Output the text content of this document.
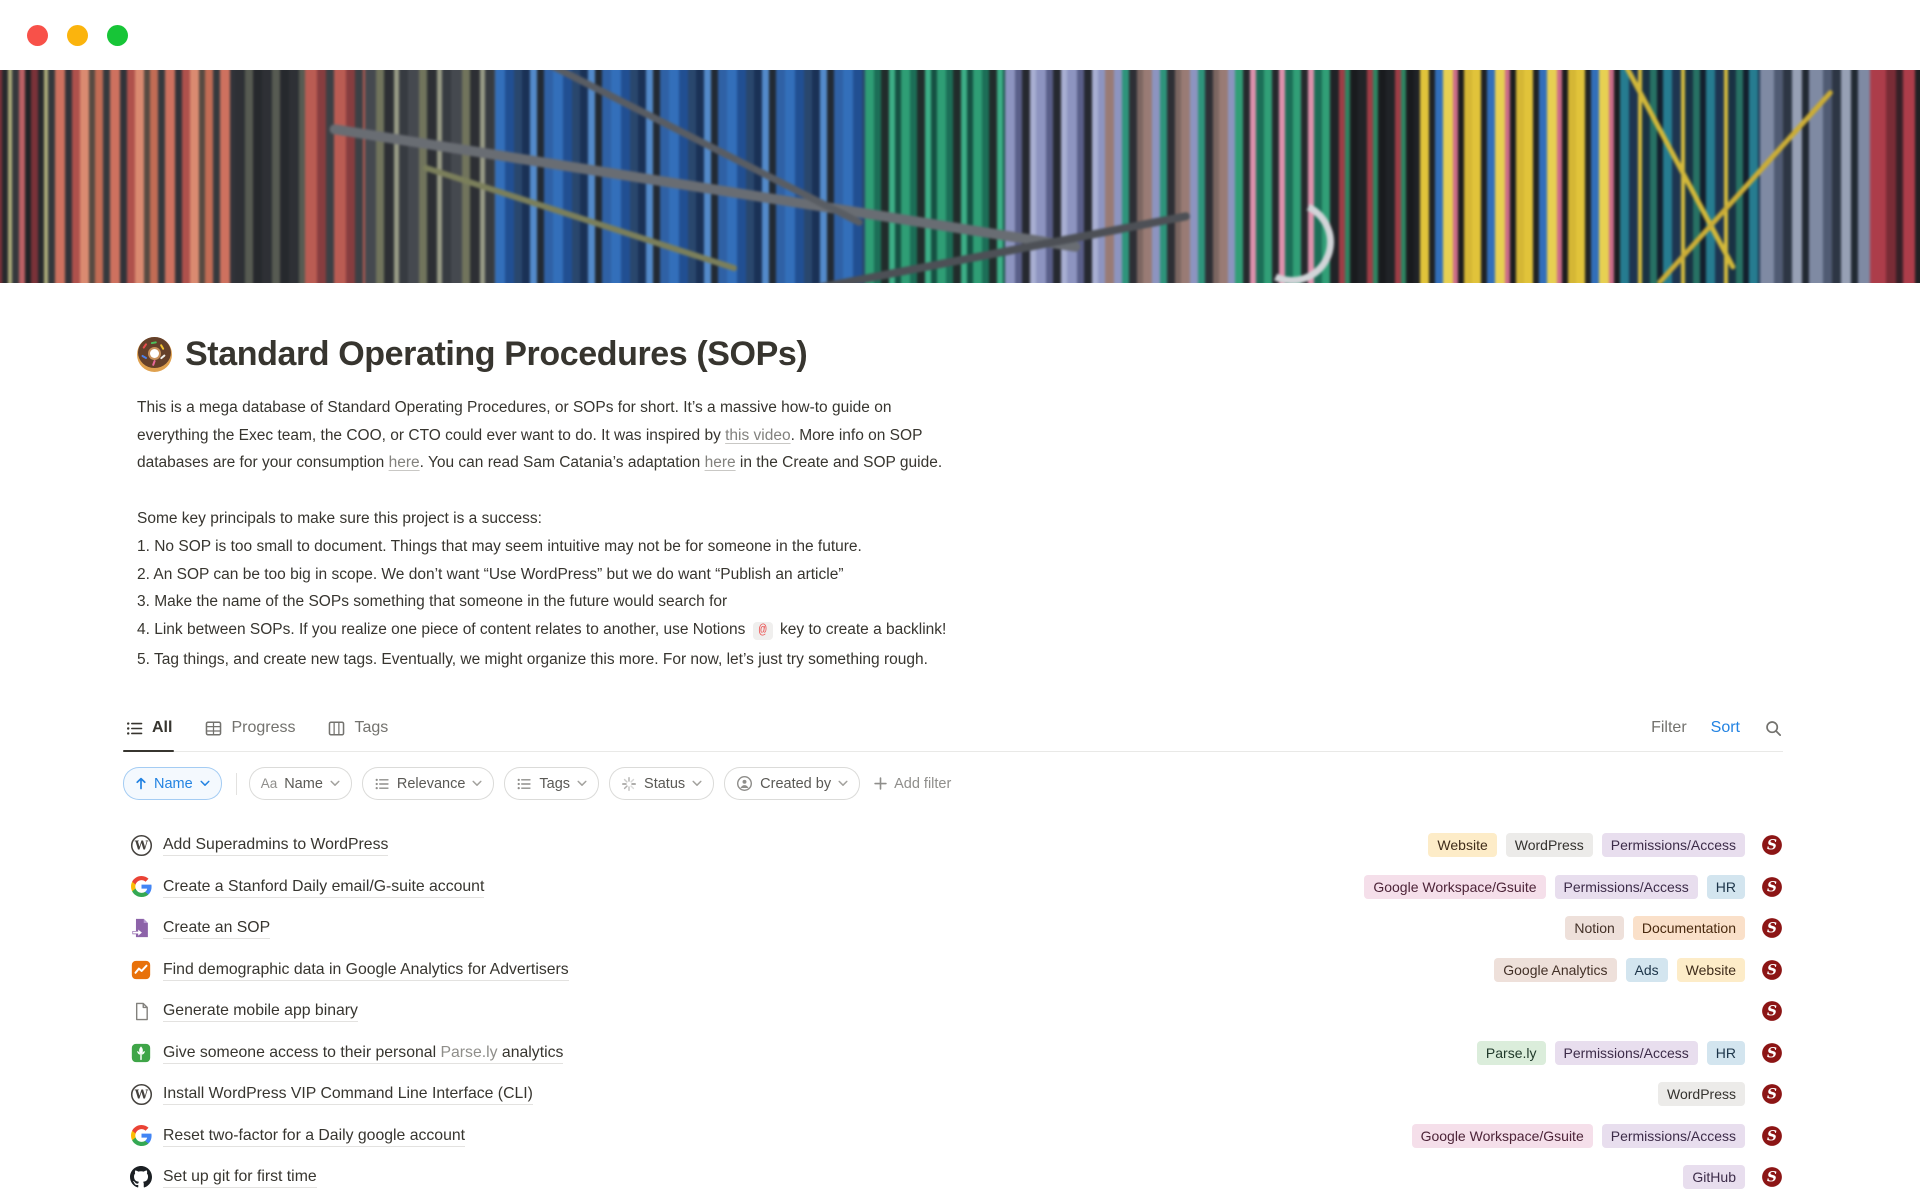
Standard Operating Procedures (SOPs)
This is a mega database of Standard Operating Procedures, or SOPs for short. It’s a massive how-to guide on
everything the Exec team, the COO, or CTO could ever want to do. It was inspired by this video. More info on SOP
databases are for your consumption here. You can read Sam Catania’s adaptation here in the Create and SOP guide.
Some key principals to make sure this project is a success:
1. No SOP is too small to document. Things that may seem intuitive may not be for someone in the future.
2. An SOP can be too big in scope. We don’t want “Use WordPress” but we do want “Publish an article”
3. Make the name of the SOPs something that someone in the future would search for
4. Link between SOPs. If you realize one piece of content relates to another, use Notions @ key to create a backlink!
5. Tag things, and create new tags. Eventually, we might organize this more. For now, let’s just try something rough.
All	Progress	Tags	Filter Sort
Name	Aa Name	Relevance	Tags	Status	Created by	Add filter
W Add Superadmins to WordPress	Website	WordPress	Permissions/Access	S
Create a Stanford Daily email/G-suite account	Google Workspace/Gsuite	Permissions/Access	HR	S
Create an SOP	Notion	Documentation	S
Find demographic data in Google Analytics for Advertisers	Google Analytics	Ads	Website	S
Generate mobile app binary	S
Give someone access to their personal Parse.ly analytics	Parse.ly	Permissions/Access	HR	S
W Install WordPress VIP Command Line Interface (CLI)	WordPress	S
Reset two-factor for a Daily google account	Google Workspace/Gsuite	Permissions/Access	S
Set up git for first time	GitHub	S
